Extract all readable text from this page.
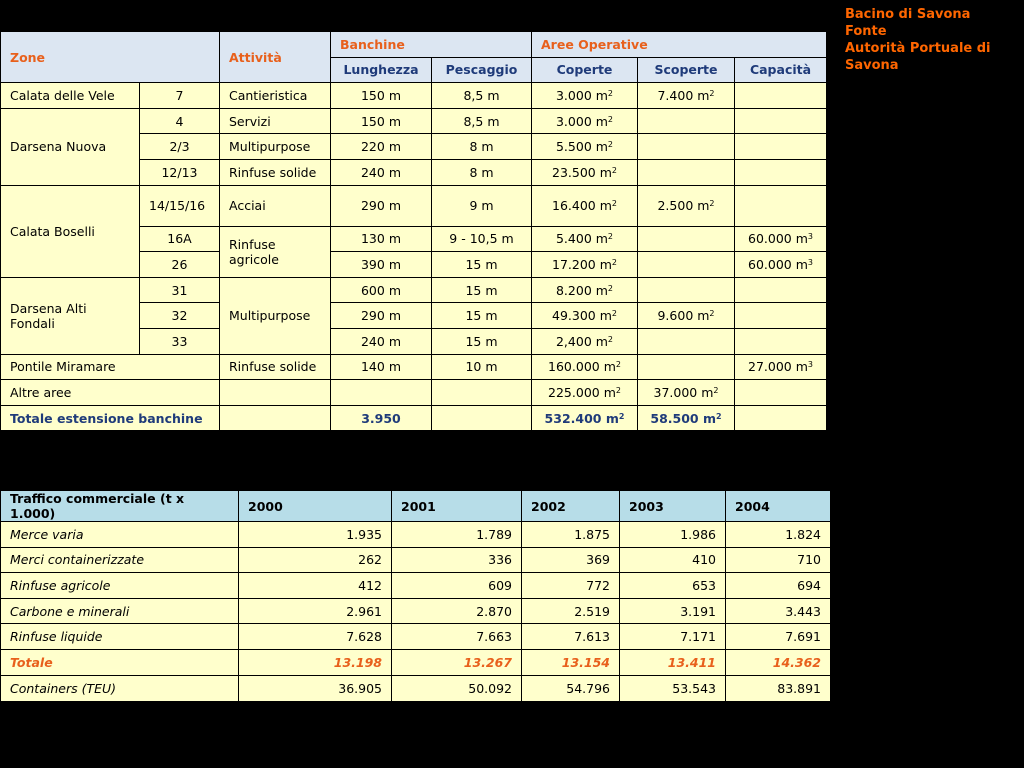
Bacino di Savona
Fonte
Autorità Portuale di
Savona
Zone		Attività	Banchine		Aree Operative		
			Lunghezza	Pescaggio	Coperte	Scoperte	Capacità
Calata delle Vele	7	Cantieristica	150 m	8,5 m	3.000 $m^2$	7.400 $m^2$	
Darsena Nuova	4	Servizi	150 m	8,5 m	3.000 $m^2$		
	2/3	Multipurpose	220 m	8 m	5.500 $m^2$		
	12/13	Rinfuse solide	240 m	8 m	23.500 $m^2$		
Calata Boselli	14/15/16	Acciai	290 m	9 m	16.400 $m^2$	2.500 $m^2$	
	16A	Rinfuse agricole	130 m	9 - 10,5 m	5.400 $m^2$		60.000 $m^3$
	26		390 m	15 m	17.200 $m^2$		60.000 $m^3$
Darsena Alti Fondali	31	Multipurpose	600 m	15 m	8.200 $m^2$		
	32		290 m	15 m	49.300 $m^2$	9.600 $m^2$	
	33		240 m	15 m	2,400 $m^2$		
Pontile Miramare		Rinfuse solide	140 m	10 m	160.000 $m^2$		27.000 $m^3$
Altre aree					225.000 $m^2$	37.000 $m^2$	
Totale estensione banchine			3.950		532.400 $m^2$	58.500 $m^2$	
Traffico commerciale (t x 1.000)	2000	2001	2002	2003	2004
Merce varia	1.935	1.789	1.875	1.986	1.824
Merci containerizzate	262	336	369	410	710
Rinfuse agricole	412	609	772	653	694
Carbone e minerali	2.961	2.870	2.519	3.191	3.443
Rinfuse liquide	7.628	7.663	7.613	7.171	7.691
Totale	13.198	13.267	13.154	13.411	14.362
Containers (TEU)	36.905	50.092	54.796	53.543	83.891
